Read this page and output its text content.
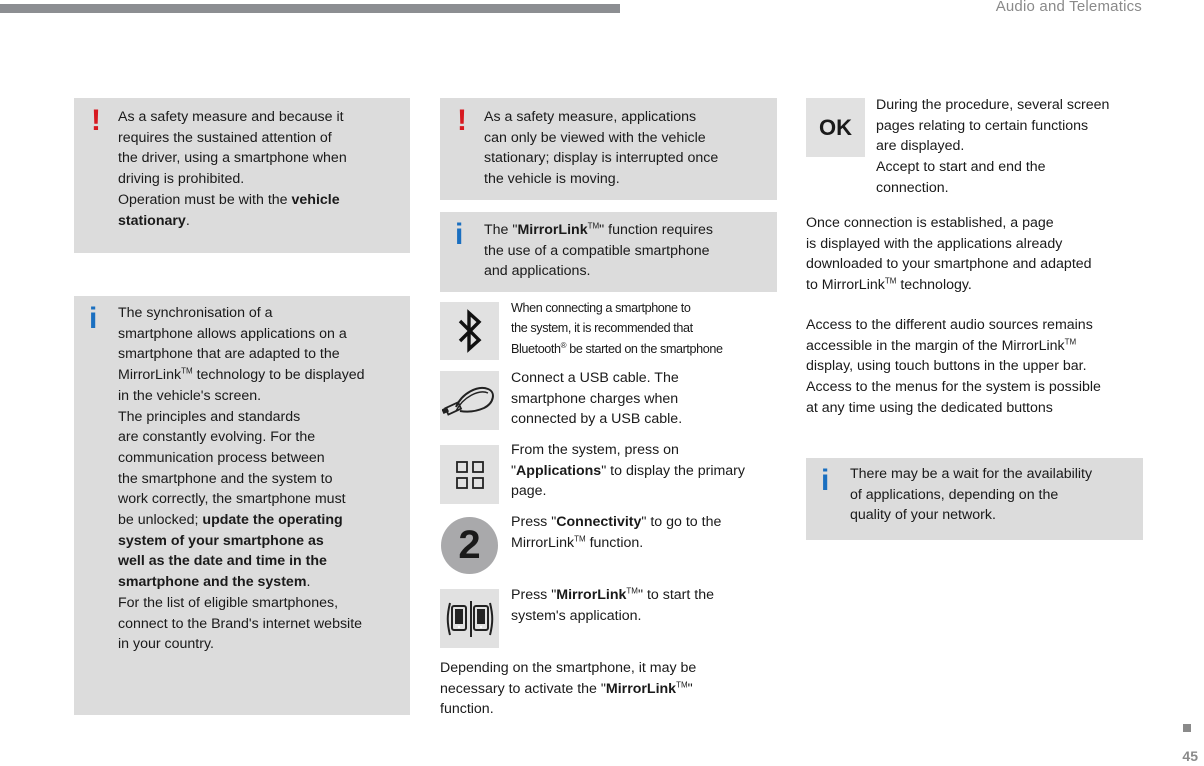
Audio and Telematics
! As a safety measure and because it
requires the sustained attention of
the driver, using a smartphone when
driving is prohibited.
Operation must be with the vehicle
stationary.
i The synchronisation of a
smartphone allows applications on a
smartphone that are adapted to the
MirrorLink™ technology to be displayed
in the vehicle's screen.
The principles and standards
are constantly evolving. For the
communication process between
the smartphone and the system to
work correctly, the smartphone must
be unlocked; update the operating
system of your smartphone as
well as the date and time in the
smartphone and the system.
For the list of eligible smartphones,
connect to the Brand's internet website
in your country.
! As a safety measure, applications
can only be viewed with the vehicle
stationary; display is interrupted once
the vehicle is moving.
i The "MirrorLink™" function requires
the use of a compatible smartphone
and applications.
When connecting a smartphone to
the system, it is recommended that
Bluetooth® be started on the smartphone
Connect a USB cable. The
smartphone charges when
connected by a USB cable.
From the system, press on
"Applications" to display the primary
page.
2
Press "Connectivity" to go to the
MirrorLink™ function.
Press "MirrorLink™" to start the
system's application.
Depending on the smartphone, it may be
necessary to activate the "MirrorLink™"
function.
OK
During the procedure, several screen
pages relating to certain functions
are displayed.
Accept to start and end the
connection.
Once connection is established, a page
is displayed with the applications already
downloaded to your smartphone and adapted
to MirrorLink™ technology.
Access to the different audio sources remains
accessible in the margin of the MirrorLink™
display, using touch buttons in the upper bar.
Access to the menus for the system is possible
at any time using the dedicated buttons
i There may be a wait for the availability
of applications, depending on the
quality of your network.
45
